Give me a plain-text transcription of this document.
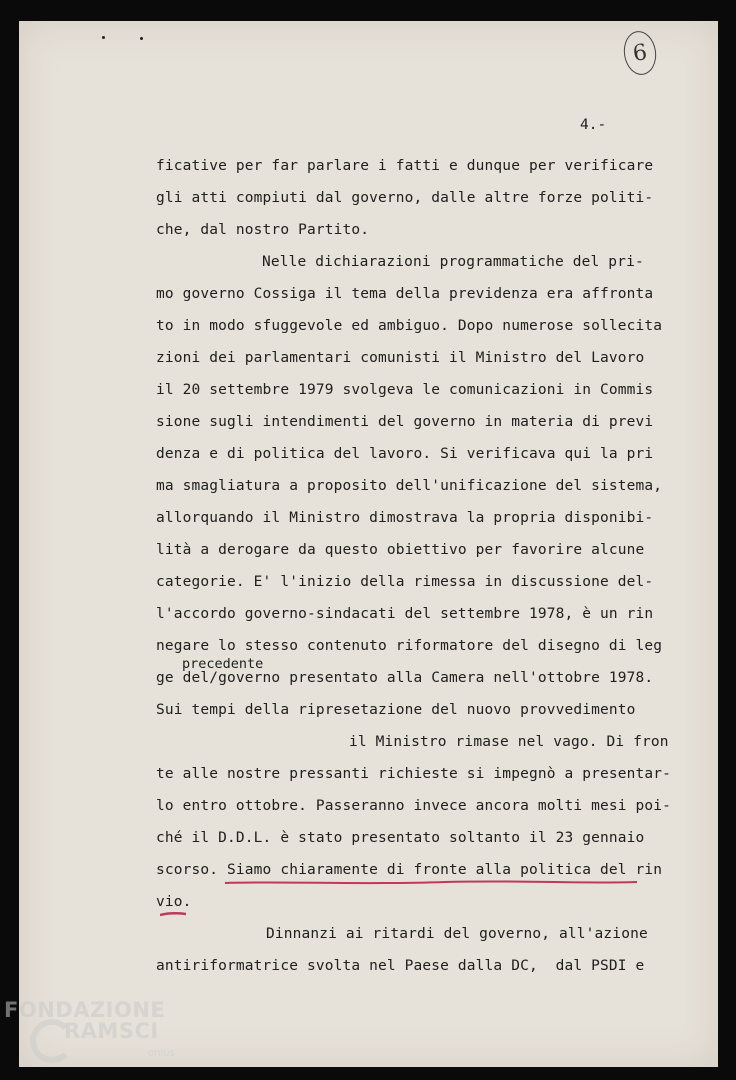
6
4.-
ficative per far parlare i fatti e dunque per verificare
gli atti compiuti dal governo, dalle altre forze politi-
che, dal nostro Partito.
Nelle dichiarazioni programmatiche del pri-
mo governo Cossiga il tema della previdenza era affronta
to in modo sfuggevole ed ambiguo. Dopo numerose sollecita
zioni dei parlamentari comunisti il Ministro del Lavoro
il 20 settembre 1979 svolgeva le comunicazioni in Commis
sione sugli intendimenti del governo in materia di previ
denza e di politica del lavoro. Si verificava qui la pri
ma smagliatura a proposito dell'unificazione del sistema,
allorquando il Ministro dimostrava la propria disponibi-
lità a derogare da questo obiettivo per favorire alcune
categorie. E' l'inizio della rimessa in discussione del-
l'accordo governo-sindacati del settembre 1978, è un rin
negare lo stesso contenuto riformatore del disegno di leg
precedente
ge del/governo presentato alla Camera nell'ottobre 1978.
Sui tempi della ripresetazione del nuovo provvedimento
il Ministro rimase nel vago. Di fron
te alle nostre pressanti richieste si impegnò a presentar-
lo entro ottobre. Passeranno invece ancora molti mesi poi-
ché il D.D.L. è stato presentato soltanto il 23 gennaio
scorso. Siamo chiaramente di fronte alla politica del rin
vio.
Dinnanzi ai ritardi del governo, all'azione
antiriformatrice svolta nel Paese dalla DC,  dal PSDI e
FONDAZIONE
RAMSCI
onlus
